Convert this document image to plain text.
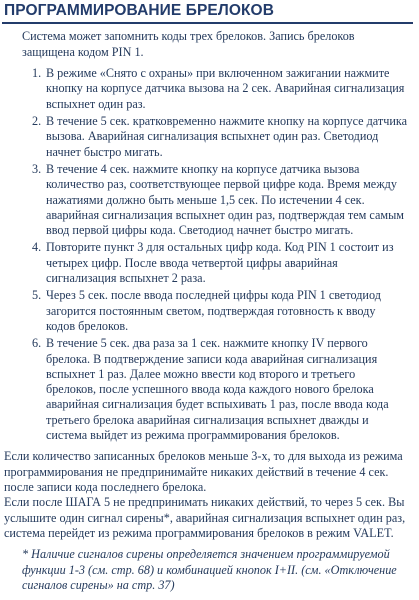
ПРОГРАММИРОВАНИЕ БРЕЛОКОВ

Система может запомнить коды трех брелоков. Запись брелоков защищена кодом PIN 1.

1. В режиме «Снято с охраны» при включенном зажигании нажмите кнопку на корпусе датчика вызова на 2 сек. Аварийная сигнализация вспыхнет один раз.
2. В течение 5 сек. кратковременно нажмите кнопку на корпусе датчика вызова. Аварийная сигнализация вспыхнет один раз. Светодиод начнет быстро мигать.
3. В течение 4 сек. нажмите кнопку на корпусе датчика вызова количество раз, соответствующее первой цифре кода. Время между нажатиями должно быть меньше 1,5 сек. По истечении 4 сек. аварийная сигнализация вспыхнет один раз, подтверждая тем самым ввод первой цифры кода. Светодиод начнет быстро мигать.
4. Повторите пункт 3 для остальных цифр кода. Код PIN 1 состоит из четырех цифр. После ввода четвертой цифры аварийная сигнализация вспыхнет 2 раза.
5. Через 5 сек. после ввода последней цифры кода PIN 1 светодиод загорится постоянным светом, подтверждая готовность к вводу кодов брелоков.
6. В течение 5 сек. два раза за 1 сек. нажмите кнопку IV первого брелока. В подтверждение записи кода аварийная сигнализация вспыхнет 1 раз. Далее можно ввести код второго и третьего брелоков, после успешного ввода кода каждого нового брелока аварийная сигнализация будет вспыхивать 1 раз, после ввода кода третьего брелока аварийная сигнализация вспыхнет дважды и система выйдет из режима программирования брелоков.

Если количество записанных брелоков меньше 3-х, то для выхода из режима программирования не предпринимайте никаких действий в течение 4 сек. после записи кода последнего брелока.

Если после ШАГА 5 не предпринимать никаких действий, то через 5 сек. Вы услышите один сигнал сирены*, аварийная сигнализация вспыхнет один раз, система перейдет из режима программирования брелоков в режим VALET.

* Наличие сигналов сирены определяется значением программируемой функции 1-3 (см. стр. 68) и комбинацией кнопок I+II. (см. «Отключение сигналов сирены» на стр. 37)
